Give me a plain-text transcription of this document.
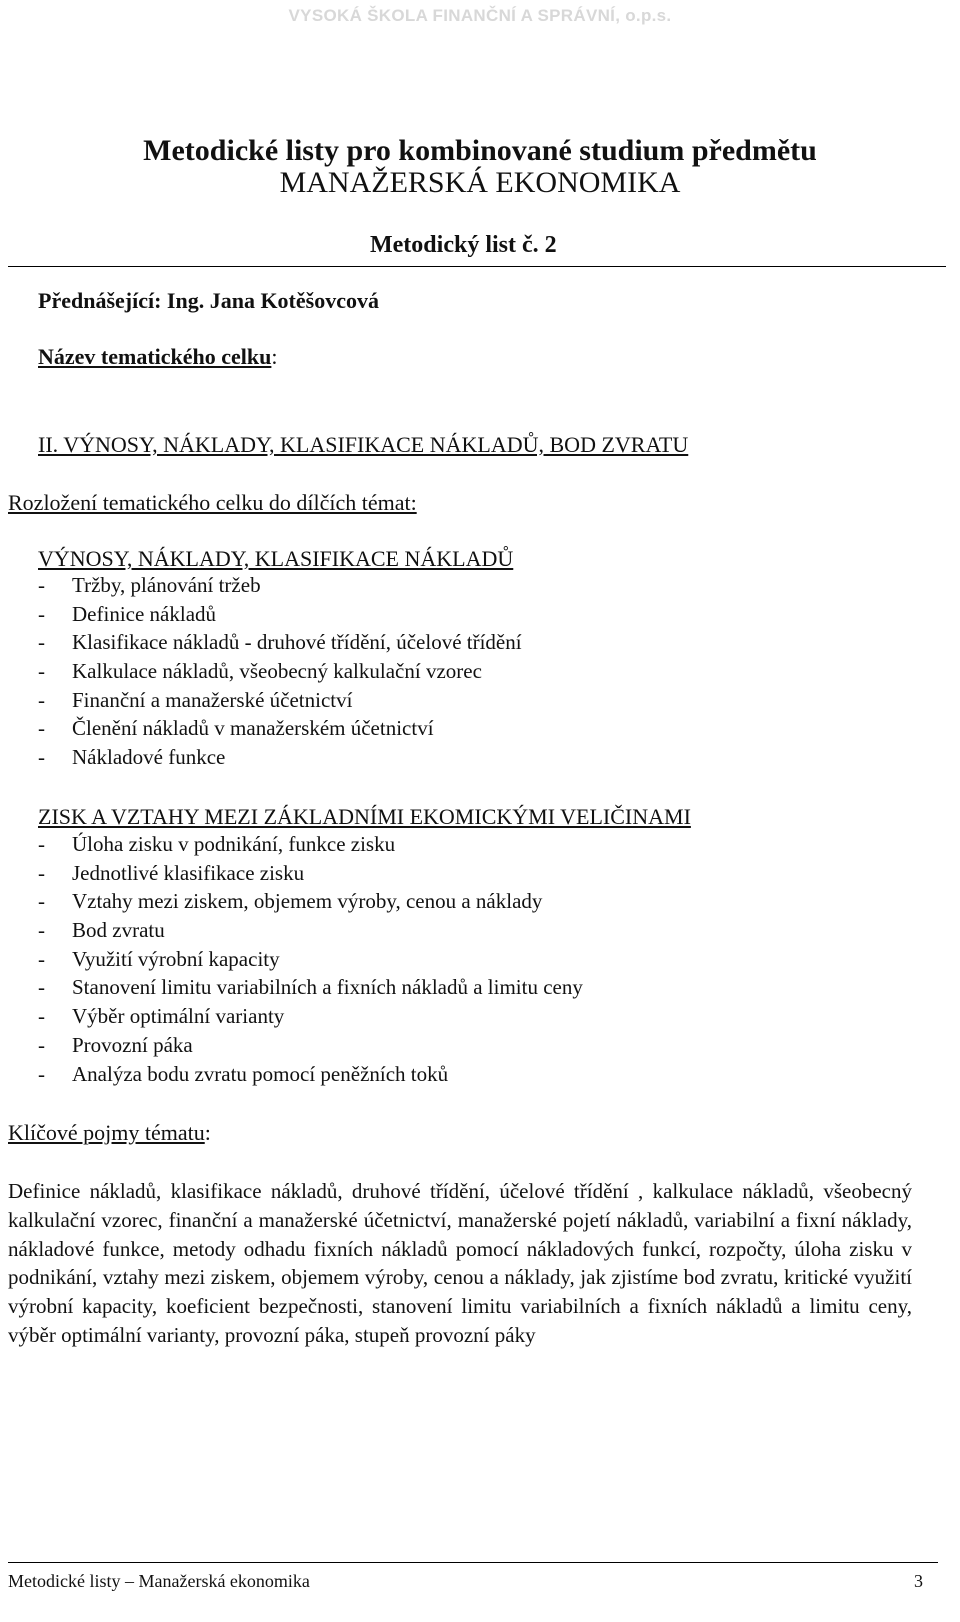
VYSOKÁ ŠKOLA FINANČNÍ A SPRÁVNÍ, o.p.s.
Metodické listy pro kombinované studium předmětu
MANAŽERSKÁ EKONOMIKA
Metodický list č. 2
Přednášející: Ing. Jana Kotěšovcová
Název tematického celku:
II. VÝNOSY, NÁKLADY, KLASIFIKACE NÁKLADŮ, BOD ZVRATU
Rozložení tematického celku do dílčích témat:
VÝNOSY, NÁKLADY, KLASIFIKACE NÁKLADŮ
- Tržby, plánování tržeb
- Definice nákladů
- Klasifikace nákladů - druhové třídění, účelové třídění
- Kalkulace nákladů, všeobecný kalkulační vzorec
- Finanční a manažerské účetnictví
- Členění nákladů v manažerském účetnictví
- Nákladové funkce
ZISK A VZTAHY MEZI ZÁKLADNÍMI EKOMICKÝMI VELIČINAMI
- Úloha zisku v podnikání, funkce zisku
- Jednotlivé klasifikace zisku
- Vztahy mezi ziskem, objemem výroby, cenou a náklady
- Bod zvratu
- Využití výrobní kapacity
- Stanovení limitu variabilních a fixních nákladů a limitu ceny
- Výběr optimální varianty
- Provozní páka
- Analýza bodu zvratu pomocí peněžních toků
Klíčové pojmy tématu:
Definice nákladů, klasifikace nákladů, druhové třídění, účelové třídění , kalkulace nákladů, všeobecný kalkulační vzorec, finanční a manažerské účetnictví, manažerské pojetí nákladů, variabilní a fixní náklady, nákladové funkce, metody odhadu fixních nákladů pomocí nákladových funkcí, rozpočty, úloha zisku v podnikání, vztahy mezi ziskem, objemem výroby, cenou a náklady, jak zjistíme bod zvratu, kritické využití výrobní kapacity, koeficient bezpečnosti, stanovení limitu variabilních a fixních nákladů a limitu ceny, výběr optimální varianty, provozní páka, stupeň provozní páky
Metodické listy – Manažerská ekonomika	3
